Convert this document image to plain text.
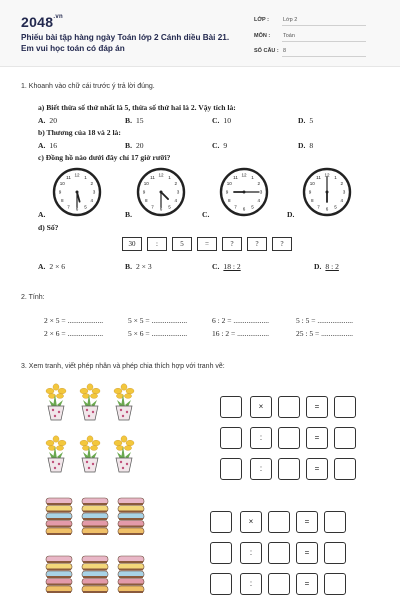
$2048^{.vn}$
Phiếu bài tập hàng ngày Toán lớp 2 Cánh diều Bài 21. Em vui học toán có đáp án
LỚP :	Lớp 2
MÔN : Toán
SỐ CÂU : 8
1. Khoanh vào chữ cái trước ý trả lời đúng.
a) Biết thừa số thứ nhất là 5, thừa số thứ hai là 2. Vậy tích là:
A. 20	B. 15	C. 10	D. 5
b) Thương của 18 và 2 là:
A. 16	B. 20	C. 9	D. 8
c) Đồng hồ nào dưới đây chỉ 17 giờ rưỡi?
1
2
3
4
5
6
7
8
9
10
11 12	1
2
3
4
5
6
7
8
9
10
11 12	1
2
3
4
5
6
7
8
9
10
11 12	1
2
3
4
5
6
7
8
9
10
11 12
A.	B.	C.	D.
d) Số?
30	:	5	=	?	?	?
A. 2 × 6	B. 2 × 3	C. 18 : 2	D. 8 : 2
2. Tính:
2 × 5 = ...................	5 × 5 = ...................	6 : 2 = ...................	5 : 5 = ...................
2 × 6 = ...................	5 × 6 = ...................	16 : 2 = .................	25 : 5 = .................
3. Xem tranh, viết phép nhân và phép chia thích hợp với tranh vẽ:
×	=
:	=
:	=
×	=
:	=
:	=
